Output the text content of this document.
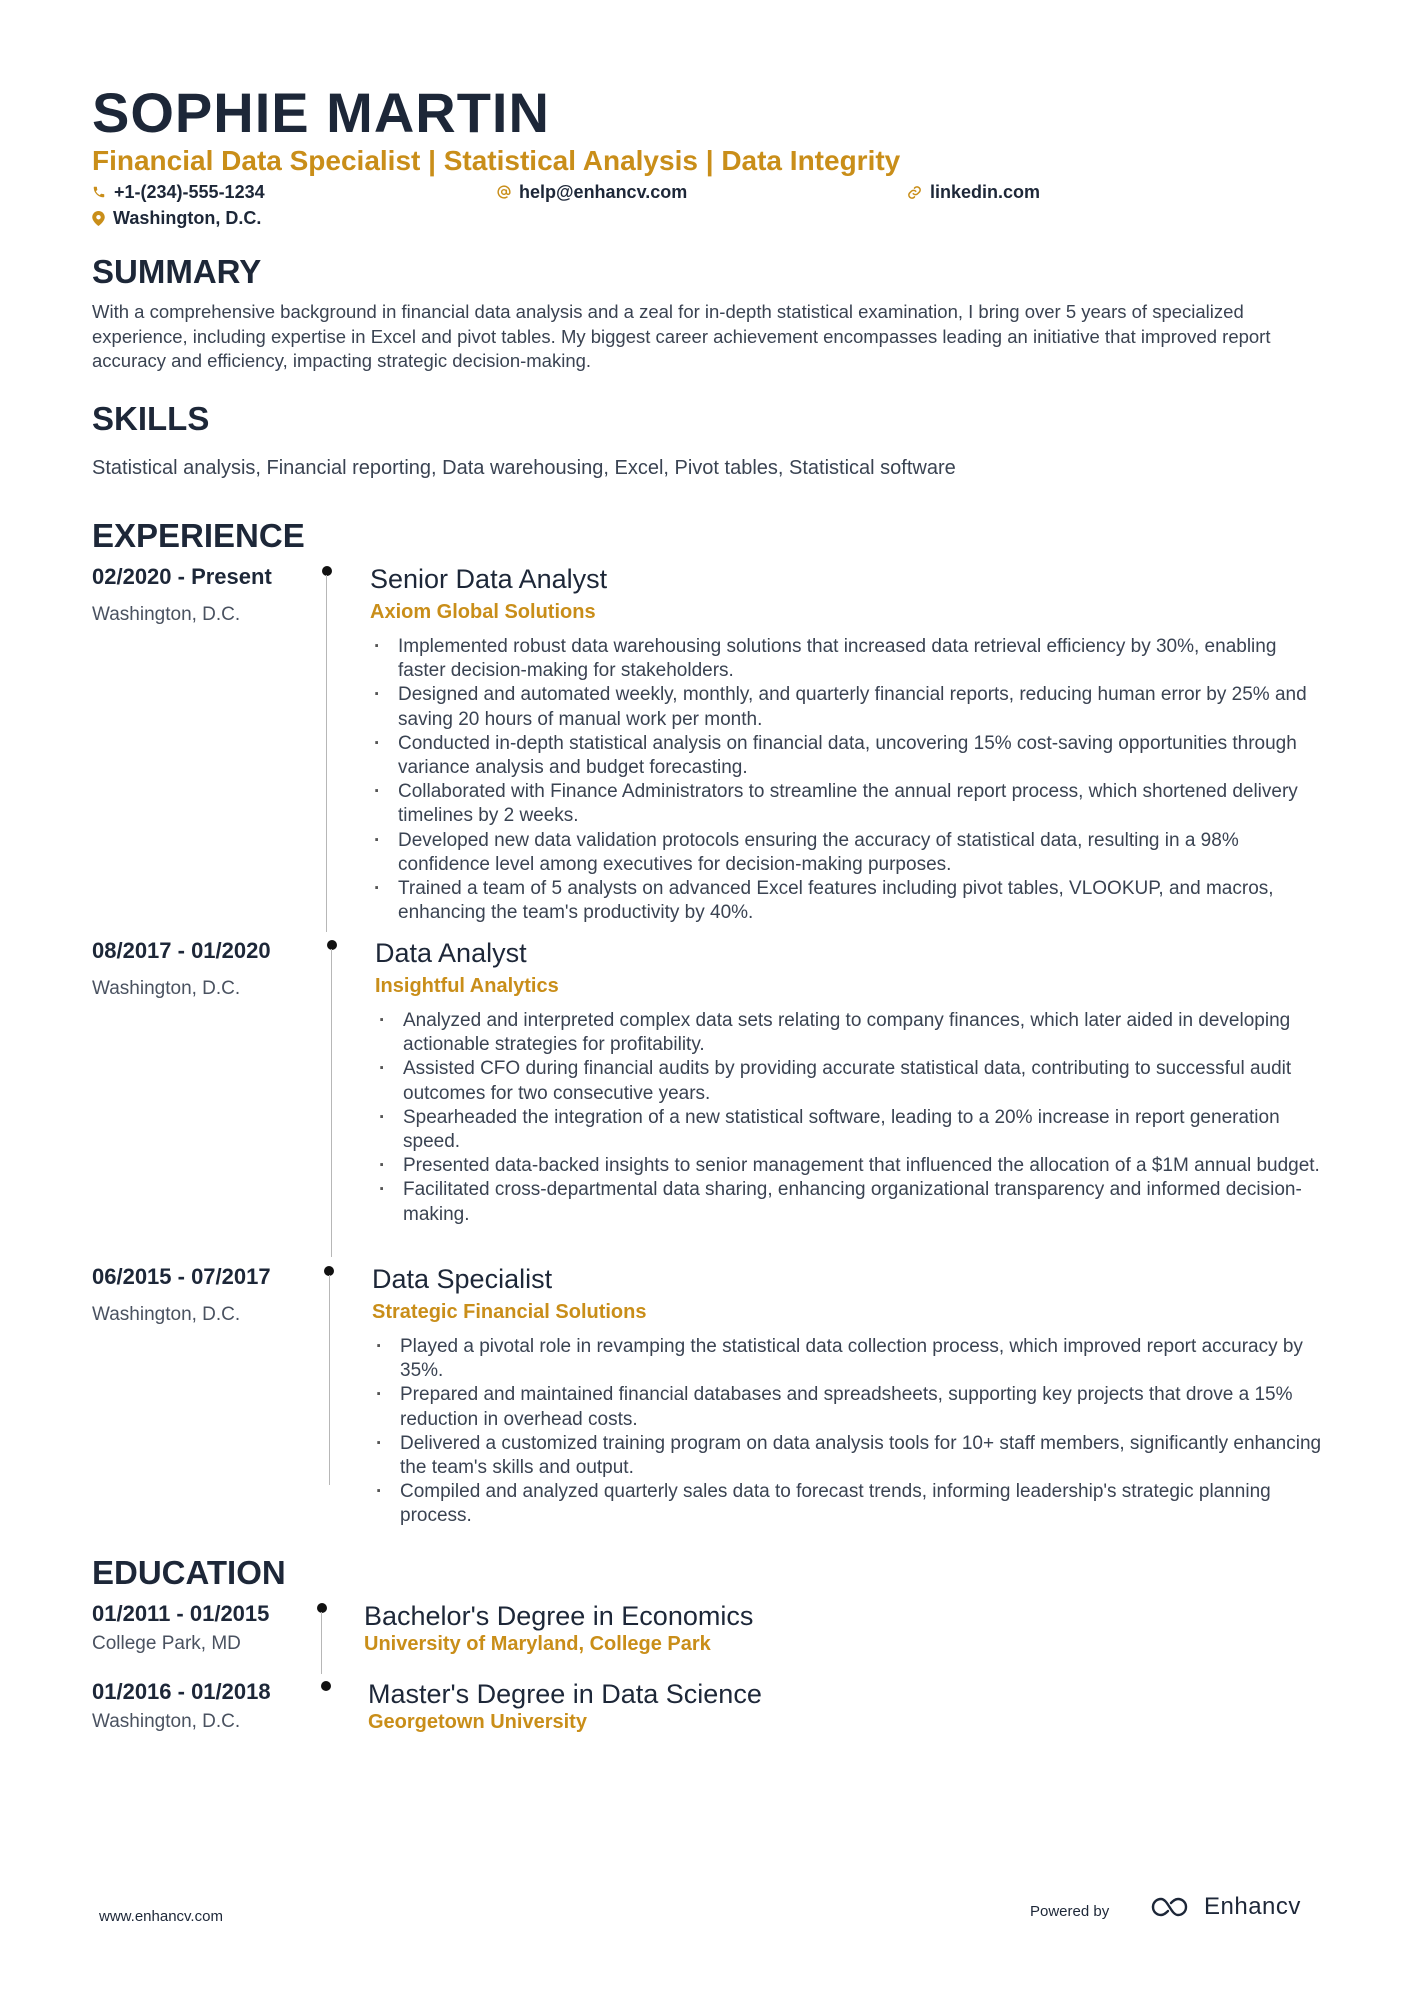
SOPHIE MARTIN
Financial Data Specialist | Statistical Analysis | Data Integrity
+1-(234)-555-1234	help@enhancv.com	linkedin.com
Washington, D.C.
SUMMARY
With a comprehensive background in financial data analysis and a zeal for in-depth statistical examination, I bring over 5 years of specialized experience, including expertise in Excel and pivot tables. My biggest career achievement encompasses leading an initiative that improved report accuracy and efficiency, impacting strategic decision-making.
SKILLS
Statistical analysis, Financial reporting, Data warehousing, Excel, Pivot tables, Statistical software
EXPERIENCE
02/2020 - Present
Washington, D.C.
Senior Data Analyst
Axiom Global Solutions
· Implemented robust data warehousing solutions that increased data retrieval efficiency by 30%, enabling faster decision-making for stakeholders.
· Designed and automated weekly, monthly, and quarterly financial reports, reducing human error by 25% and saving 20 hours of manual work per month.
· Conducted in-depth statistical analysis on financial data, uncovering 15% cost-saving opportunities through variance analysis and budget forecasting.
· Collaborated with Finance Administrators to streamline the annual report process, which shortened delivery timelines by 2 weeks.
· Developed new data validation protocols ensuring the accuracy of statistical data, resulting in a 98% confidence level among executives for decision-making purposes.
· Trained a team of 5 analysts on advanced Excel features including pivot tables, VLOOKUP, and macros, enhancing the team's productivity by 40%.
08/2017 - 01/2020
Washington, D.C.
Data Analyst
Insightful Analytics
· Analyzed and interpreted complex data sets relating to company finances, which later aided in developing actionable strategies for profitability.
· Assisted CFO during financial audits by providing accurate statistical data, contributing to successful audit outcomes for two consecutive years.
· Spearheaded the integration of a new statistical software, leading to a 20% increase in report generation speed.
· Presented data-backed insights to senior management that influenced the allocation of a $1M annual budget.
· Facilitated cross-departmental data sharing, enhancing organizational transparency and informed decision-making.
06/2015 - 07/2017
Washington, D.C.
Data Specialist
Strategic Financial Solutions
· Played a pivotal role in revamping the statistical data collection process, which improved report accuracy by 35%.
· Prepared and maintained financial databases and spreadsheets, supporting key projects that drove a 15% reduction in overhead costs.
· Delivered a customized training program on data analysis tools for 10+ staff members, significantly enhancing the team's skills and output.
· Compiled and analyzed quarterly sales data to forecast trends, informing leadership's strategic planning process.
EDUCATION
01/2011 - 01/2015
College Park, MD
Bachelor's Degree in Economics
University of Maryland, College Park
01/2016 - 01/2018
Washington, D.C.
Master's Degree in Data Science
Georgetown University
www.enhancv.com	Powered by	Enhancv
